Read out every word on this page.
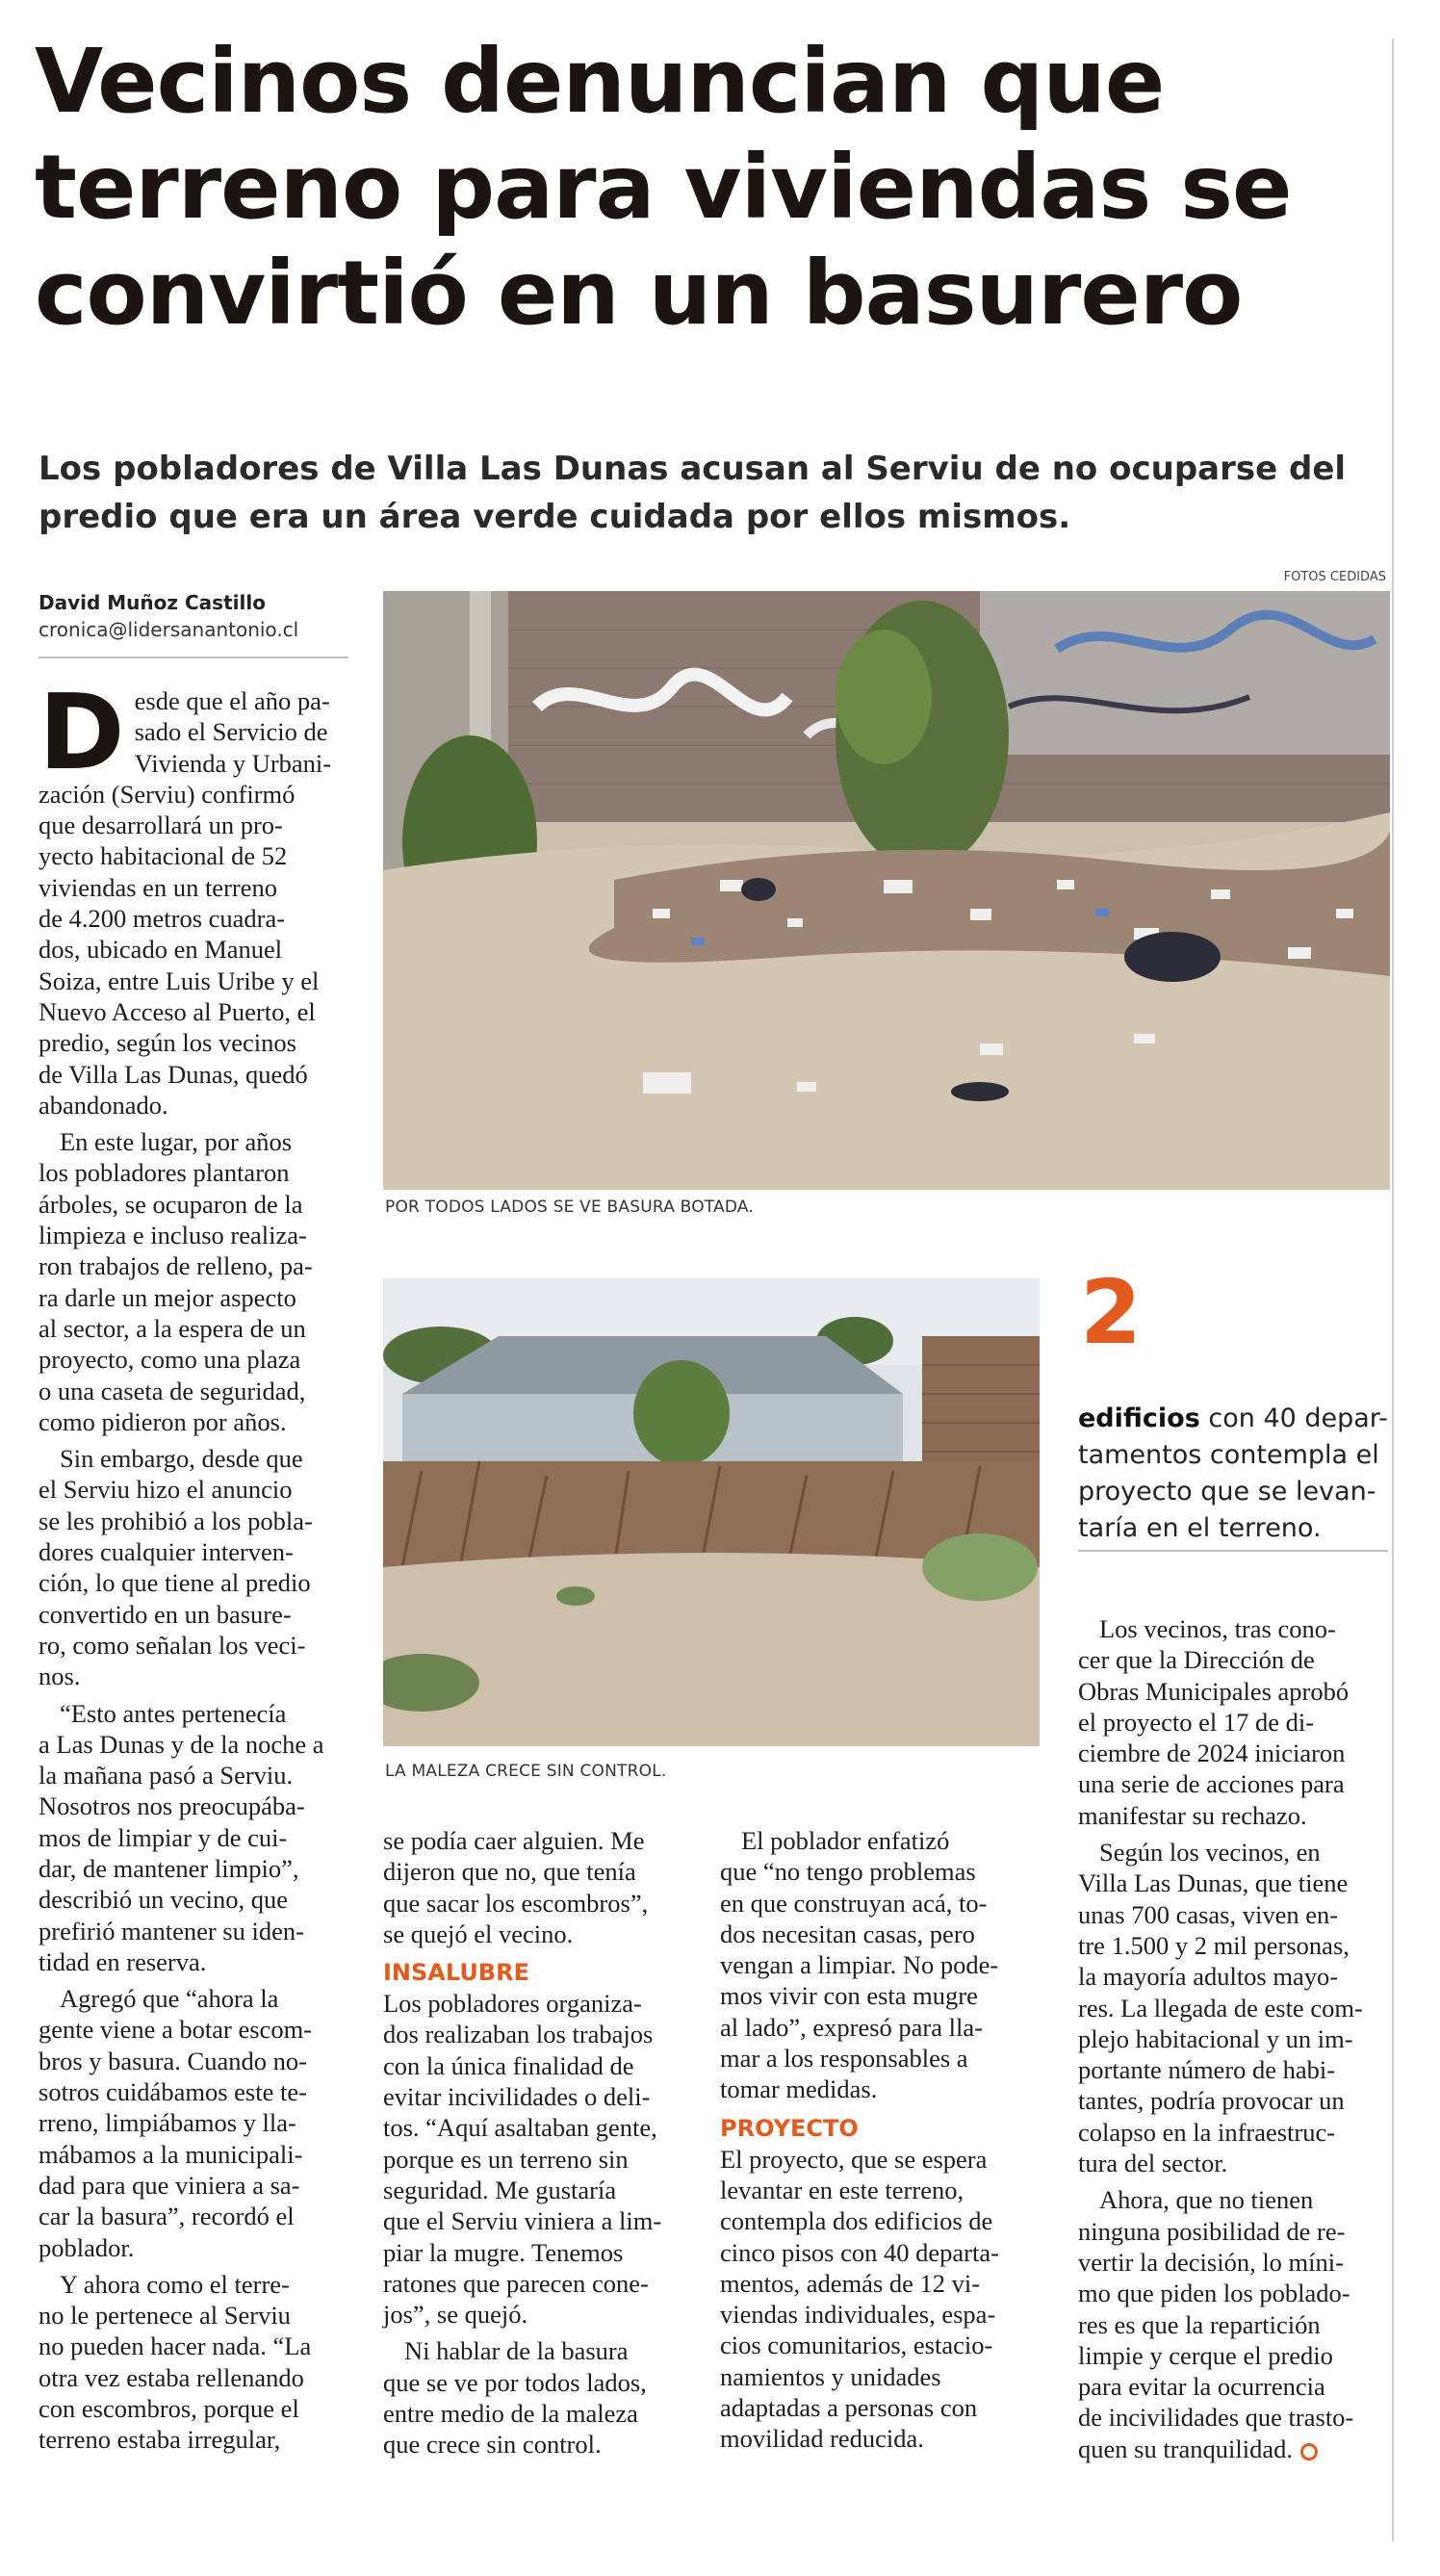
Vecinos denuncian que
terreno para viviendas se
convirtió en un basurero
Los pobladores de Villa Las Dunas acusan al Serviu de no ocuparse del
predio que era un área verde cuidada por ellos mismos.
David Muñoz Castillo
cronica@lidersanantonio.cl
FOTOS CEDIDAS
POR TODOS LADOS SE VE BASURA BOTADA.
LA MALEZA CRECE SIN CONTROL.
2
edificios con 40 depar-
tamentos contempla el
proyecto que se levan-
taría en el terreno.
D esde que el año pa-
sado el Servicio de
Vivienda y Urbani-
zación (Serviu) confirmó
que desarrollará un pro-
yecto habitacional de 52
viviendas en un terreno
de 4.200 metros cuadra-
dos, ubicado en Manuel
Soiza, entre Luis Uribe y el
Nuevo Acceso al Puerto, el
predio, según los vecinos
de Villa Las Dunas, quedó
abandonado.
En este lugar, por años
los pobladores plantaron
árboles, se ocuparon de la
limpieza e incluso realiza-
ron trabajos de relleno, pa-
ra darle un mejor aspecto
al sector, a la espera de un
proyecto, como una plaza
o una caseta de seguridad,
como pidieron por años.
Sin embargo, desde que
el Serviu hizo el anuncio
se les prohibió a los pobla-
dores cualquier interven-
ción, lo que tiene al predio
convertido en un basure-
ro, como señalan los veci-
nos.
“Esto antes pertenecía
a Las Dunas y de la noche a
la mañana pasó a Serviu.
Nosotros nos preocupába-
mos de limpiar y de cui-
dar, de mantener limpio”,
describió un vecino, que
prefirió mantener su iden-
tidad en reserva.
Agregó que “ahora la
gente viene a botar escom-
bros y basura. Cuando no-
sotros cuidábamos este te-
rreno, limpiábamos y lla-
mábamos a la municipali-
dad para que viniera a sa-
car la basura”, recordó el
poblador.
Y ahora como el terre-
no le pertenece al Serviu
no pueden hacer nada. “La
otra vez estaba rellenando
con escombros, porque el
terreno estaba irregular,
se podía caer alguien. Me
dijeron que no, que tenía
que sacar los escombros”,
se quejó el vecino.
INSALUBRE
Los pobladores organiza-
dos realizaban los trabajos
con la única finalidad de
evitar incivilidades o deli-
tos. “Aquí asaltaban gente,
porque es un terreno sin
seguridad. Me gustaría
que el Serviu viniera a lim-
piar la mugre. Tenemos
ratones que parecen cone-
jos”, se quejó.
Ni hablar de la basura
que se ve por todos lados,
entre medio de la maleza
que crece sin control.
El poblador enfatizó
que “no tengo problemas
en que construyan acá, to-
dos necesitan casas, pero
vengan a limpiar. No pode-
mos vivir con esta mugre
al lado”, expresó para lla-
mar a los responsables a
tomar medidas.
PROYECTO
El proyecto, que se espera
levantar en este terreno,
contempla dos edificios de
cinco pisos con 40 departa-
mentos, además de 12 vi-
viendas individuales, espa-
cios comunitarios, estacio-
namientos y unidades
adaptadas a personas con
movilidad reducida.
Los vecinos, tras cono-
cer que la Dirección de
Obras Municipales aprobó
el proyecto el 17 de di-
ciembre de 2024 iniciaron
una serie de acciones para
manifestar su rechazo.
Según los vecinos, en
Villa Las Dunas, que tiene
unas 700 casas, viven en-
tre 1.500 y 2 mil personas,
la mayoría adultos mayo-
res. La llegada de este com-
plejo habitacional y un im-
portante número de habi-
tantes, podría provocar un
colapso en la infraestruc-
tura del sector.
Ahora, que no tienen
ninguna posibilidad de re-
vertir la decisión, lo míni-
mo que piden los poblado-
res es que la repartición
limpie y cerque el predio
para evitar la ocurrencia
de incivilidades que trasto-
quen su tranquilidad.
